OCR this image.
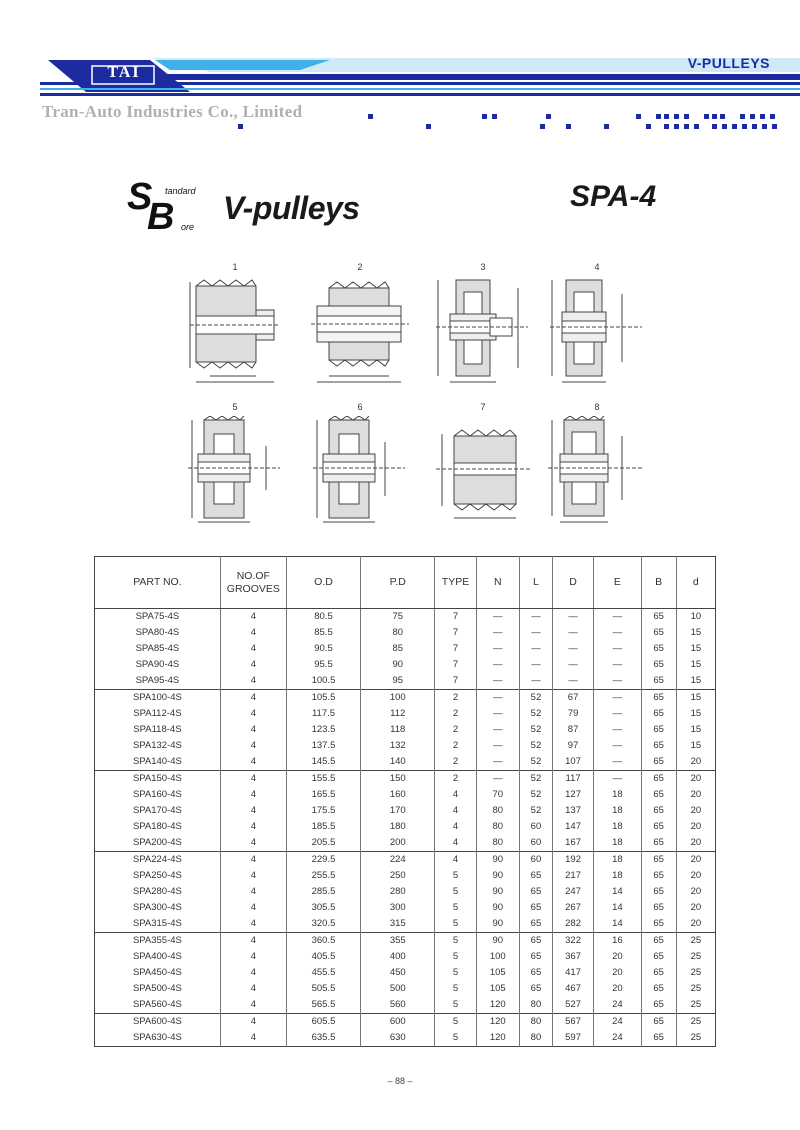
TAI
V-PULLEYS
Tran-Auto Industries Co., Limited
S tandard
B ore
V-pulleys	SPA-4
1	2	3	4
5	6	7	8
PART NO.	NO.OF GROOVES	O.D	P.D	TYPE	N	L	D	E	B	d
SPA75-4S	4	80.5	75	7	—	—	—	—	65	10
SPA80-4S	4	85.5	80	7	—	—	—	—	65	15
SPA85-4S	4	90.5	85	7	—	—	—	—	65	15
SPA90-4S	4	95.5	90	7	—	—	—	—	65	15
SPA95-4S	4	100.5	95	7	—	—	—	—	65	15
SPA100-4S	4	105.5	100	2	—	52	67	—	65	15
SPA112-4S	4	117.5	112	2	—	52	79	—	65	15
SPA118-4S	4	123.5	118	2	—	52	87	—	65	15
SPA132-4S	4	137.5	132	2	—	52	97	—	65	15
SPA140-4S	4	145.5	140	2	—	52	107	—	65	20
SPA150-4S	4	155.5	150	2	—	52	117	—	65	20
SPA160-4S	4	165.5	160	4	70	52	127	18	65	20
SPA170-4S	4	175.5	170	4	80	52	137	18	65	20
SPA180-4S	4	185.5	180	4	80	60	147	18	65	20
SPA200-4S	4	205.5	200	4	80	60	167	18	65	20
SPA224-4S	4	229.5	224	4	90	60	192	18	65	20
SPA250-4S	4	255.5	250	5	90	65	217	18	65	20
SPA280-4S	4	285.5	280	5	90	65	247	14	65	20
SPA300-4S	4	305.5	300	5	90	65	267	14	65	20
SPA315-4S	4	320.5	315	5	90	65	282	14	65	20
SPA355-4S	4	360.5	355	5	90	65	322	16	65	25
SPA400-4S	4	405.5	400	5	100	65	367	20	65	25
SPA450-4S	4	455.5	450	5	105	65	417	20	65	25
SPA500-4S	4	505.5	500	5	105	65	467	20	65	25
SPA560-4S	4	565.5	560	5	120	80	527	24	65	25
SPA600-4S	4	605.5	600	5	120	80	567	24	65	25
SPA630-4S	4	635.5	630	5	120	80	597	24	65	25
– 88 –
